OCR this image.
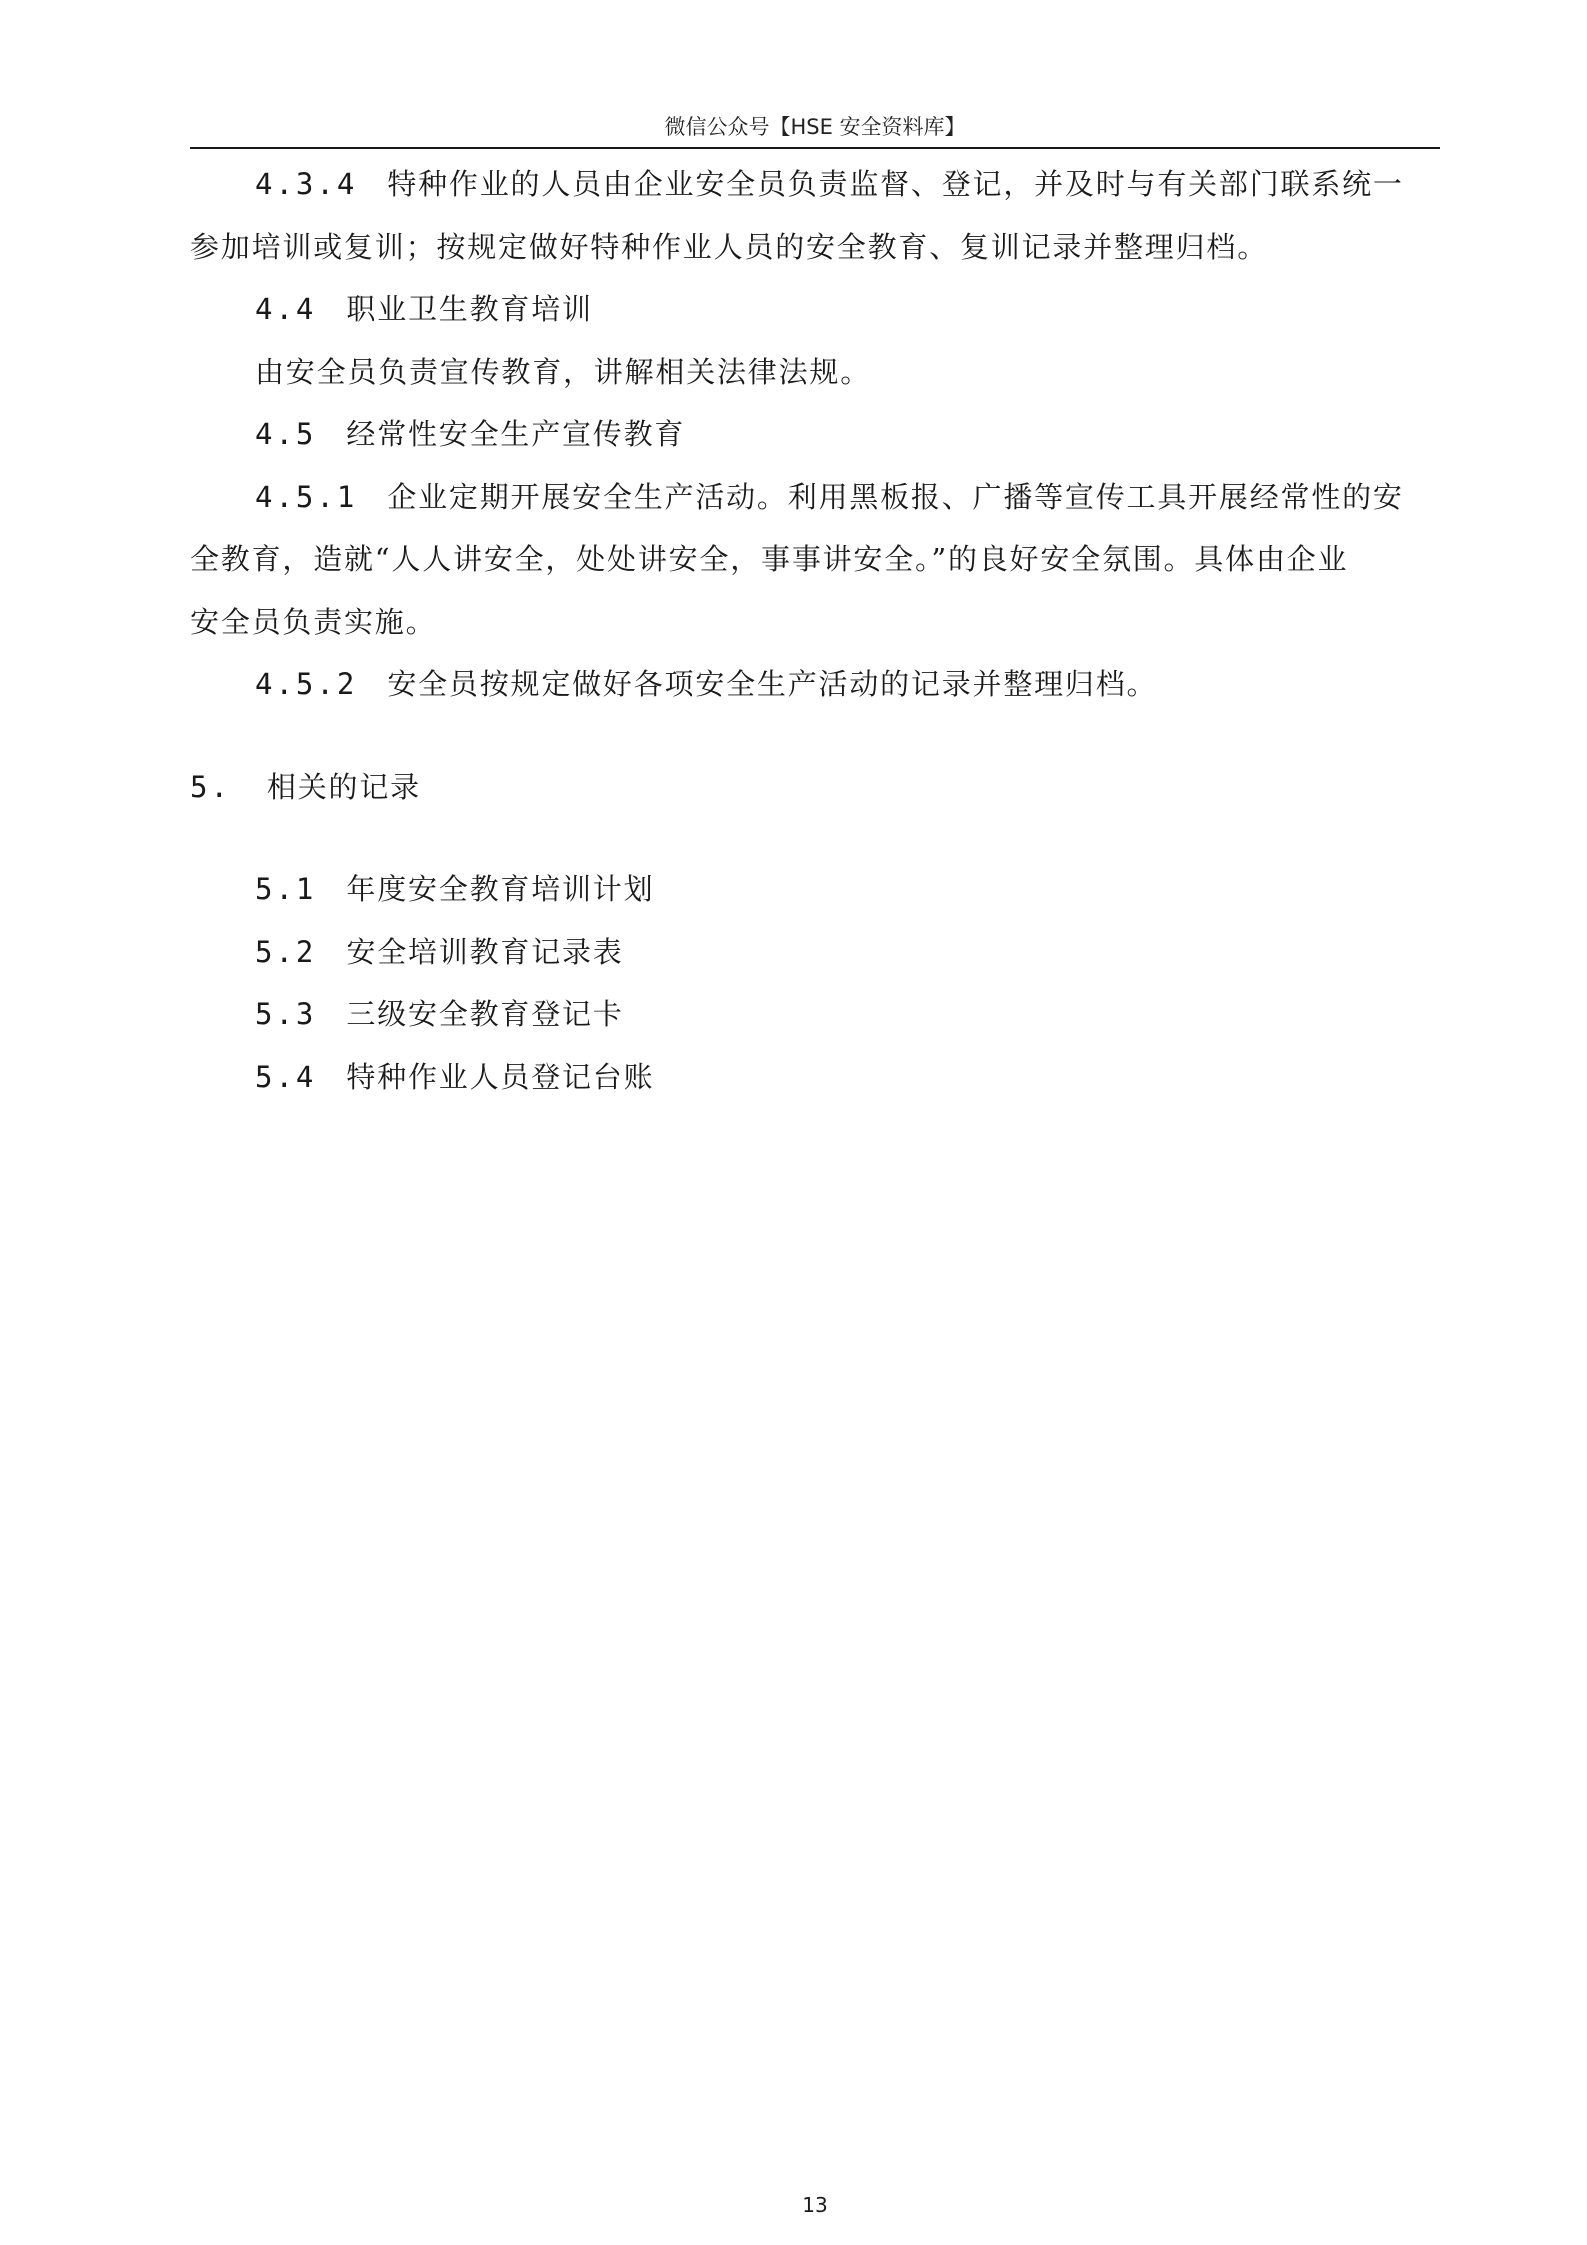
微信公众号【HSE 安全资料库】
4.3.4 特种作业的人员由企业安全员负责监督、登记，并及时与有关部门联系统一
参加培训或复训；按规定做好特种作业人员的安全教育、复训记录并整理归档。
4.4 职业卫生教育培训
由安全员负责宣传教育，讲解相关法律法规。
4.5 经常性安全生产宣传教育
4.5.1 企业定期开展安全生产活动。利用黑板报、广播等宣传工具开展经常性的安
全教育，造就“人人讲安全，处处讲安全，事事讲安全。”的良好安全氛围。具体由企业
安全员负责实施。
4.5.2 安全员按规定做好各项安全生产活动的记录并整理归档。
5. 相关的记录
5.1 年度安全教育培训计划
5.2 安全培训教育记录表
5.3 三级安全教育登记卡
5.4 特种作业人员登记台账
13
